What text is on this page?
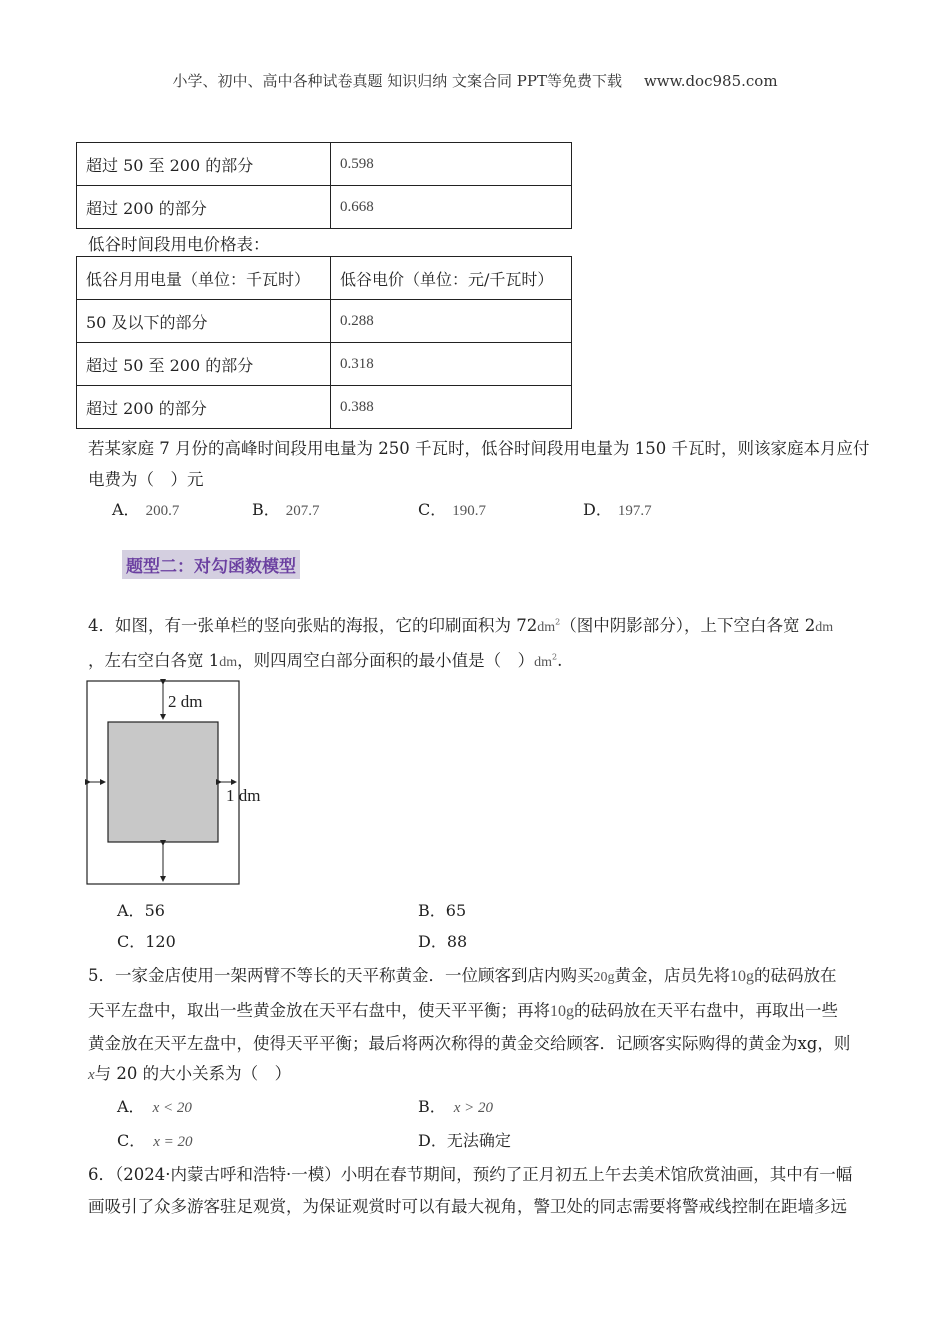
小学、初中、高中各种试卷真题 知识归纳 文案合同 PPT等免费下载 www.doc985.com
超过 50 至 200 的部分	0.598
超过 200 的部分	0.668
低谷时间段用电价格表：
低谷月用电量（单位：千瓦时）	低谷电价（单位：元/千瓦时）
50 及以下的部分	0.288
超过 50 至 200 的部分	0.318
超过 200 的部分	0.388
若某家庭 7 月份的高峰时间段用电量为 250 千瓦时，低谷时间段用电量为 150 千瓦时，则该家庭本月应付
电费为（　）元
A． 200.7	B． 207.7	C． 190.7	D． 197.7
题型二：对勾函数模型
4．如图，有一张单栏的竖向张贴的海报，它的印刷面积为 $72dm^2$（图中阴影部分），上下空白各宽 2dm
，左右空白各宽 1dm，则四周空白部分面积的最小值是（　）$dm^2$.
2 dm
1 dm
A．56	B．65
C．120	D．88
5．一家金店使用一架两臂不等长的天平称黄金．一位顾客到店内购买20g黄金，店员先将10g的砝码放在
天平左盘中，取出一些黄金放在天平右盘中，使天平平衡；再将10g的砝码放在天平右盘中，再取出一些
黄金放在天平左盘中，使得天平平衡；最后将两次称得的黄金交给顾客．记顾客实际购得的黄金为xg，则
x与 20 的大小关系为（　）
A． x < 20	B． x > 20
C． x = 20	D．无法确定
6．（2024·内蒙古呼和浩特·一模）小明在春节期间，预约了正月初五上午去美术馆欣赏油画，其中有一幅
画吸引了众多游客驻足观赏，为保证观赏时可以有最大视角，警卫处的同志需要将警戒线控制在距墙多远
